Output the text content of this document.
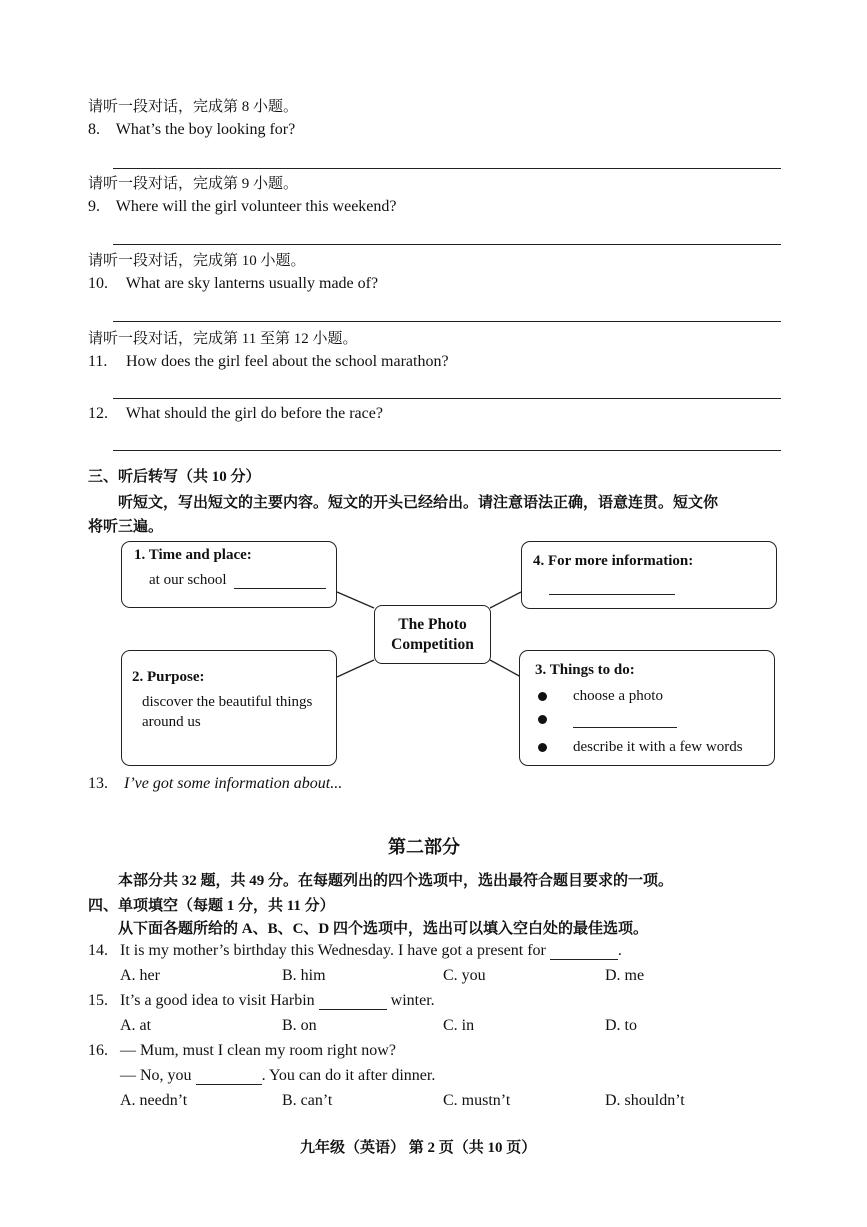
请听一段对话，完成第 8 小题。
8. What’s the boy looking for?
请听一段对话，完成第 9 小题。
9. Where will the girl volunteer this weekend?
请听一段对话，完成第 10 小题。
10. What are sky lanterns usually made of?
请听一段对话，完成第 11 至第 12 小题。
11. How does the girl feel about the school marathon?
12. What should the girl do before the race?
三、听后转写（共 10 分）
听短文，写出短文的主要内容。短文的开头已经给出。请注意语法正确，语意连贯。短文你
将听三遍。
1. Time and place:
at our school
4. For more information:
The Photo
Competition
2. Purpose:
discover the beautiful things
around us
3. Things to do:
choose a photo
describe it with a few words
13. I’ve got some information about...
第二部分
本部分共 32 题，共 49 分。在每题列出的四个选项中，选出最符合题目要求的一项。
四、单项填空（每题 1 分，共 11 分）
从下面各题所给的 A、B、C、D 四个选项中，选出可以填入空白处的最佳选项。
14. It is my mother’s birthday this Wednesday. I have got a present for	.
A. her	B. him	C. you	D. me
15. It’s a good idea to visit Harbin	winter.
A. at	B. on	C. in	D. to
16. — Mum, must I clean my room right now?
— No, you	. You can do it after dinner.
A. needn’t	B. can’t	C. mustn’t	D. shouldn’t
九年级（英语） 第 2 页（共 10 页）
